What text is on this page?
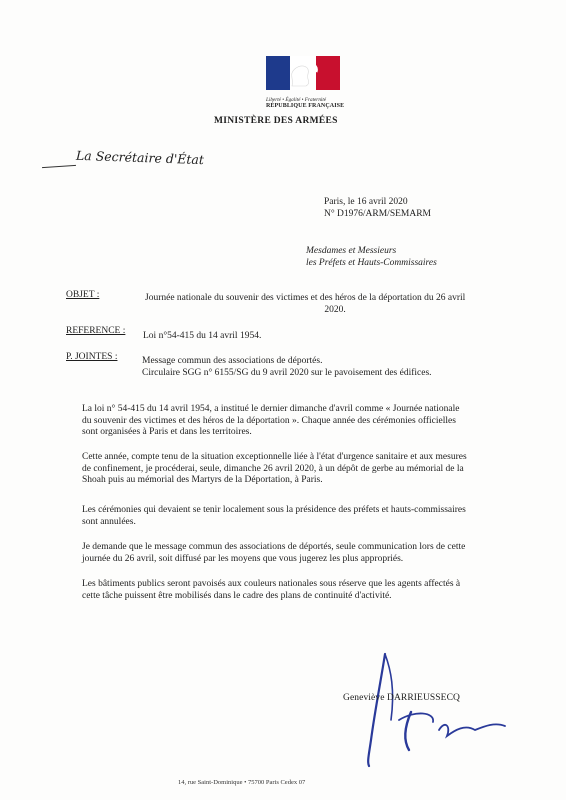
Liberté • Égalité • Fraternité
RÉPUBLIQUE FRANÇAISE
MINISTÈRE DES ARMÉES
La Secrétaire d'État
Paris, le 16 avril 2020
N° D1976/ARM/SEMARM
Mesdames et Messieurs
les Préfets et Hauts-Commissaires
OBJET :	Journée nationale du souvenir des victimes et des héros de la déportation du 26 avril
2020.
REFERENCE : Loi n°54-415 du 14 avril 1954.
P. JOINTES :	Message commun des associations de déportés.
Circulaire SGG n° 6155/SG du 9 avril 2020 sur le pavoisement des édifices.
La loi n° 54-415 du 14 avril 1954, a institué le dernier dimanche d'avril comme « Journée nationale
du souvenir des victimes et des héros de la déportation ». Chaque année des cérémonies officielles
sont organisées à Paris et dans les territoires.
Cette année, compte tenu de la situation exceptionnelle liée à l'état d'urgence sanitaire et aux mesures
de confinement, je procéderai, seule, dimanche 26 avril 2020, à un dépôt de gerbe au mémorial de la
Shoah puis au mémorial des Martyrs de la Déportation, à Paris.
Les cérémonies qui devaient se tenir localement sous la présidence des préfets et hauts-commissaires
sont annulées.
Je demande que le message commun des associations de déportés, seule communication lors de cette
journée du 26 avril, soit diffusé par les moyens que vous jugerez les plus appropriés.
Les bâtiments publics seront pavoisés aux couleurs nationales sous réserve que les agents affectés à
cette tâche puissent être mobilisés dans le cadre des plans de continuité d'activité.
Geneviève DARRIEUSSECQ
14, rue Saint-Dominique • 75700 Paris Cedex 07
